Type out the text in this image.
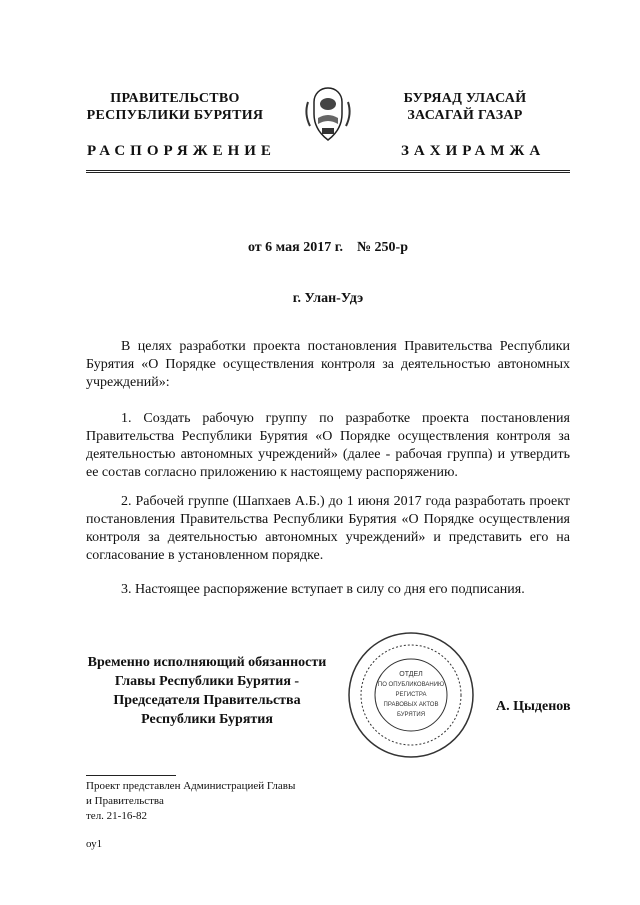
ПРАВИТЕЛЬСТВО
РЕСПУБЛИКИ БУРЯТИЯ
БУРЯАД УЛАСАЙ
ЗАСАГАЙ ГАЗАР
РАСПОРЯЖЕНИЕ	ЗАХИРАМЖА
от 6 мая 2017 г.    № 250-р
г. Улан-Удэ
В целях разработки проекта постановления Правительства Республики Бурятия «О Порядке осуществления контроля за деятельностью автономных учреждений»:
1. Создать рабочую группу по разработке проекта постановления Правительства Республики Бурятия «О Порядке осуществления контроля за деятельностью автономных учреждений» (далее - рабочая группа) и утвердить ее состав согласно приложению к настоящему распоряжению.
2. Рабочей группе (Шапхаев А.Б.) до 1 июня 2017 года разработать проект постановления Правительства Республики Бурятия «О Порядке осуществления контроля за деятельностью автономных учреждений» и представить его на согласование в установленном порядке.
3. Настоящее распоряжение вступает в силу со дня его подписания.
Временно исполняющий обязанности
Главы Республики Бурятия -
Председателя Правительства
Республики Бурятия
ОТДЕЛ
ПО ОПУБЛИКОВАНИЮ
РЕГИСТРА
ПРАВОВЫХ АКТОВ
БУРЯТИЯ
А. Цыденов
Проект представлен Администрацией Главы
и Правительства
тел. 21-16-82
оу1
